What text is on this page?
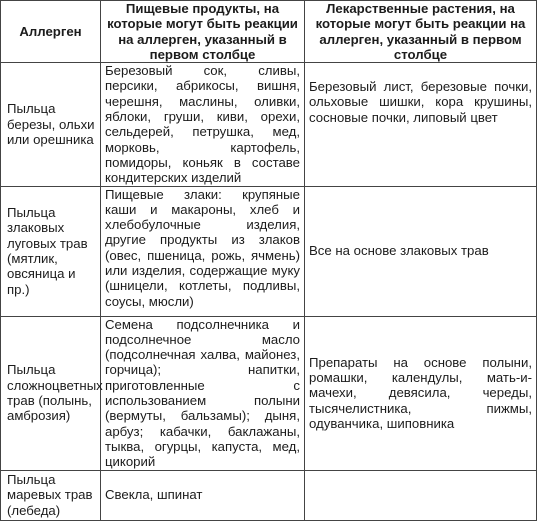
Аллерген	Пищевые продукты, на которые могут быть реакции на аллерген, указанный в первом столбце	Лекарственные растения, на которые могут быть реакции на аллерген, указанный в первом столбце
Пыльца березы, ольхи или орешника	Березовый сок, сливы, персики, абрикосы, вишня, черешня, маслины, оливки, яблоки, груши, киви, орехи, сельдерей, петрушка, мед, морковь, картофель, помидоры, коньяк в составе кондитерских изделий	Березовый лист, березовые почки, ольховые шишки, кора крушины, сосновые почки, липовый цвет
Пыльца злаковых луговых трав (мятлик, овсяница и пр.)	Пищевые злаки: крупяные каши и макароны, хлеб и хлебобулочные изделия, другие продукты из злаков (овес, пшеница, рожь, ячмень) или изделия, содержащие муку (шницели, котлеты, подливы, соусы, мюсли)	Все на основе злаковых трав
Пыльца сложноцветных трав (полынь, амброзия)	Семена подсолнечника и подсолнечное масло (подсолнечная халва, майонез, горчица); напитки, приготовленные с использованием полыни (вермуты, бальзамы); дыня, арбуз; кабачки, баклажаны, тыква, огурцы, капуста, мед, цикорий	Препараты на основе полыни, ромашки, календулы, мать-и-мачехи, девясила, череды, тысячелистника, пижмы, одуванчика, шиповника
Пыльца маревых трав (лебеда)	Свекла, шпинат	
